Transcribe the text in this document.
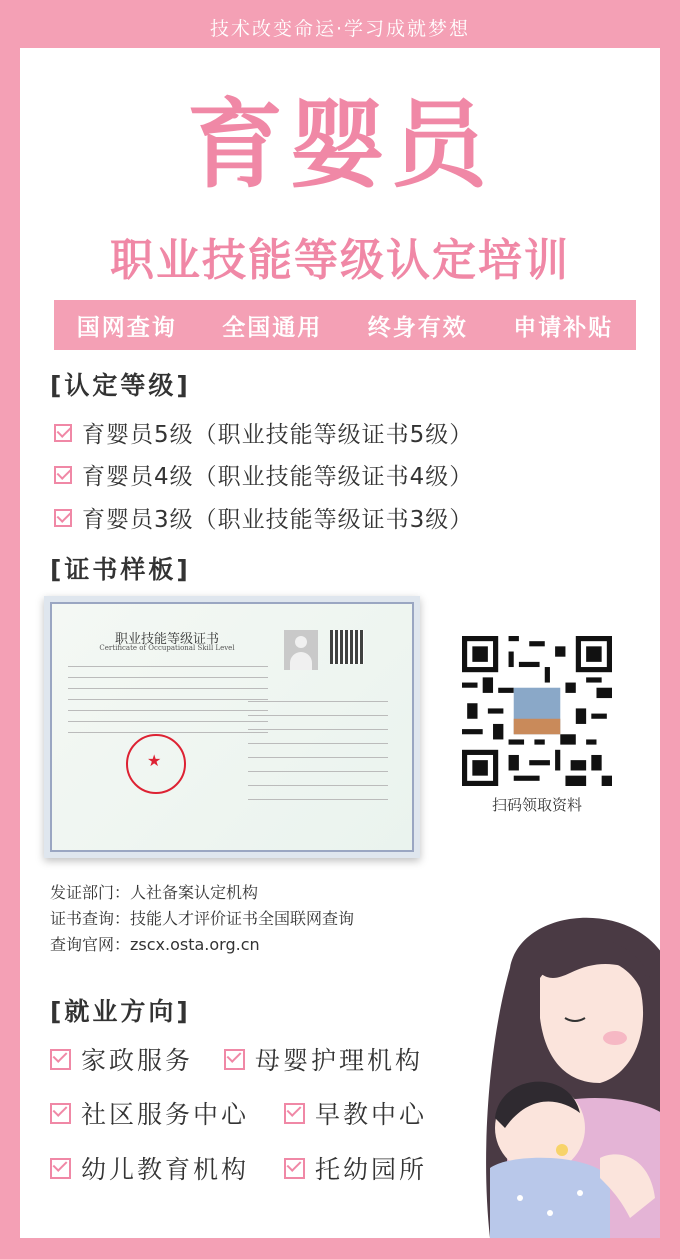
技术改变命运·学习成就梦想
育婴员
职业技能等级认定培训
国网查询 全国通用 终身有效 申请补贴
[认定等级]
育婴员5级（职业技能等级证书5级）
育婴员4级（职业技能等级证书4级）
育婴员3级（职业技能等级证书3级）
[证书样板]
职业技能等级证书
Certificate of Occupational Skill Level
★
扫码领取资料
发证部门：人社备案认定机构
证书查询：技能人才评价证书全国联网查询
查询官网：zscx.osta.org.cn
[就业方向]
家政服务 母婴护理机构
社区服务中心	早教中心
幼儿教育机构	托幼园所
